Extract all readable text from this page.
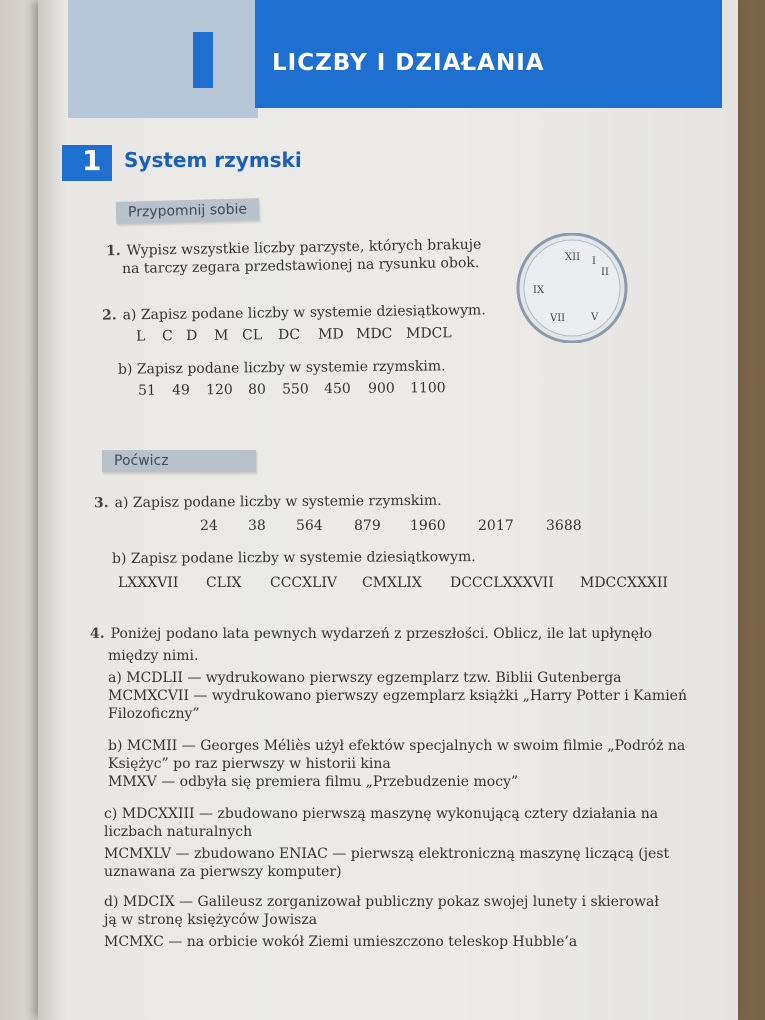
LICZBY I DZIAŁANIA
1 System rzymski
Przypomnij sobie
1. Wypisz wszystkie liczby parzyste, których brakuje
na tarczy zegara przedstawionej na rysunku obok.	XII I
II
IX
VII	V
2. a) Zapisz podane liczby w systemie dziesiątkowym.
L C D M CL DC MD MDC MDCL
b) Zapisz podane liczby w systemie rzymskim.
51 49 120 80 550 450 900 1100
Poćwicz
3. a) Zapisz podane liczby w systemie rzymskim.
24 38 564 879 1960 2017 3688
b) Zapisz podane liczby w systemie dziesiątkowym.
LXXXVII CLIX CCCXLIV CMXLIX DCCCLXXXVII MDCCXXXII
4. Poniżej podano lata pewnych wydarzeń z przeszłości. Oblicz, ile lat upłynęło
między nimi.
a) MCDLII — wydrukowano pierwszy egzemplarz tzw. Biblii Gutenberga
MCMXCVII — wydrukowano pierwszy egzemplarz książki „Harry Potter i Kamień
Filozoficzny”
b) MCMII — Georges Méliès użył efektów specjalnych w swoim filmie „Podróż na
Księżyc” po raz pierwszy w historii kina
MMXV — odbyła się premiera filmu „Przebudzenie mocy”
c) MDCXXIII — zbudowano pierwszą maszynę wykonującą cztery działania na
liczbach naturalnych
MCMXLV — zbudowano ENIAC — pierwszą elektroniczną maszynę liczącą (jest
uznawana za pierwszy komputer)
d) MDCIX — Galileusz zorganizował publiczny pokaz swojej lunety i skierował
ją w stronę księżyców Jowisza
MCMXC — na orbicie wokół Ziemi umieszczono teleskop Hubble’a
